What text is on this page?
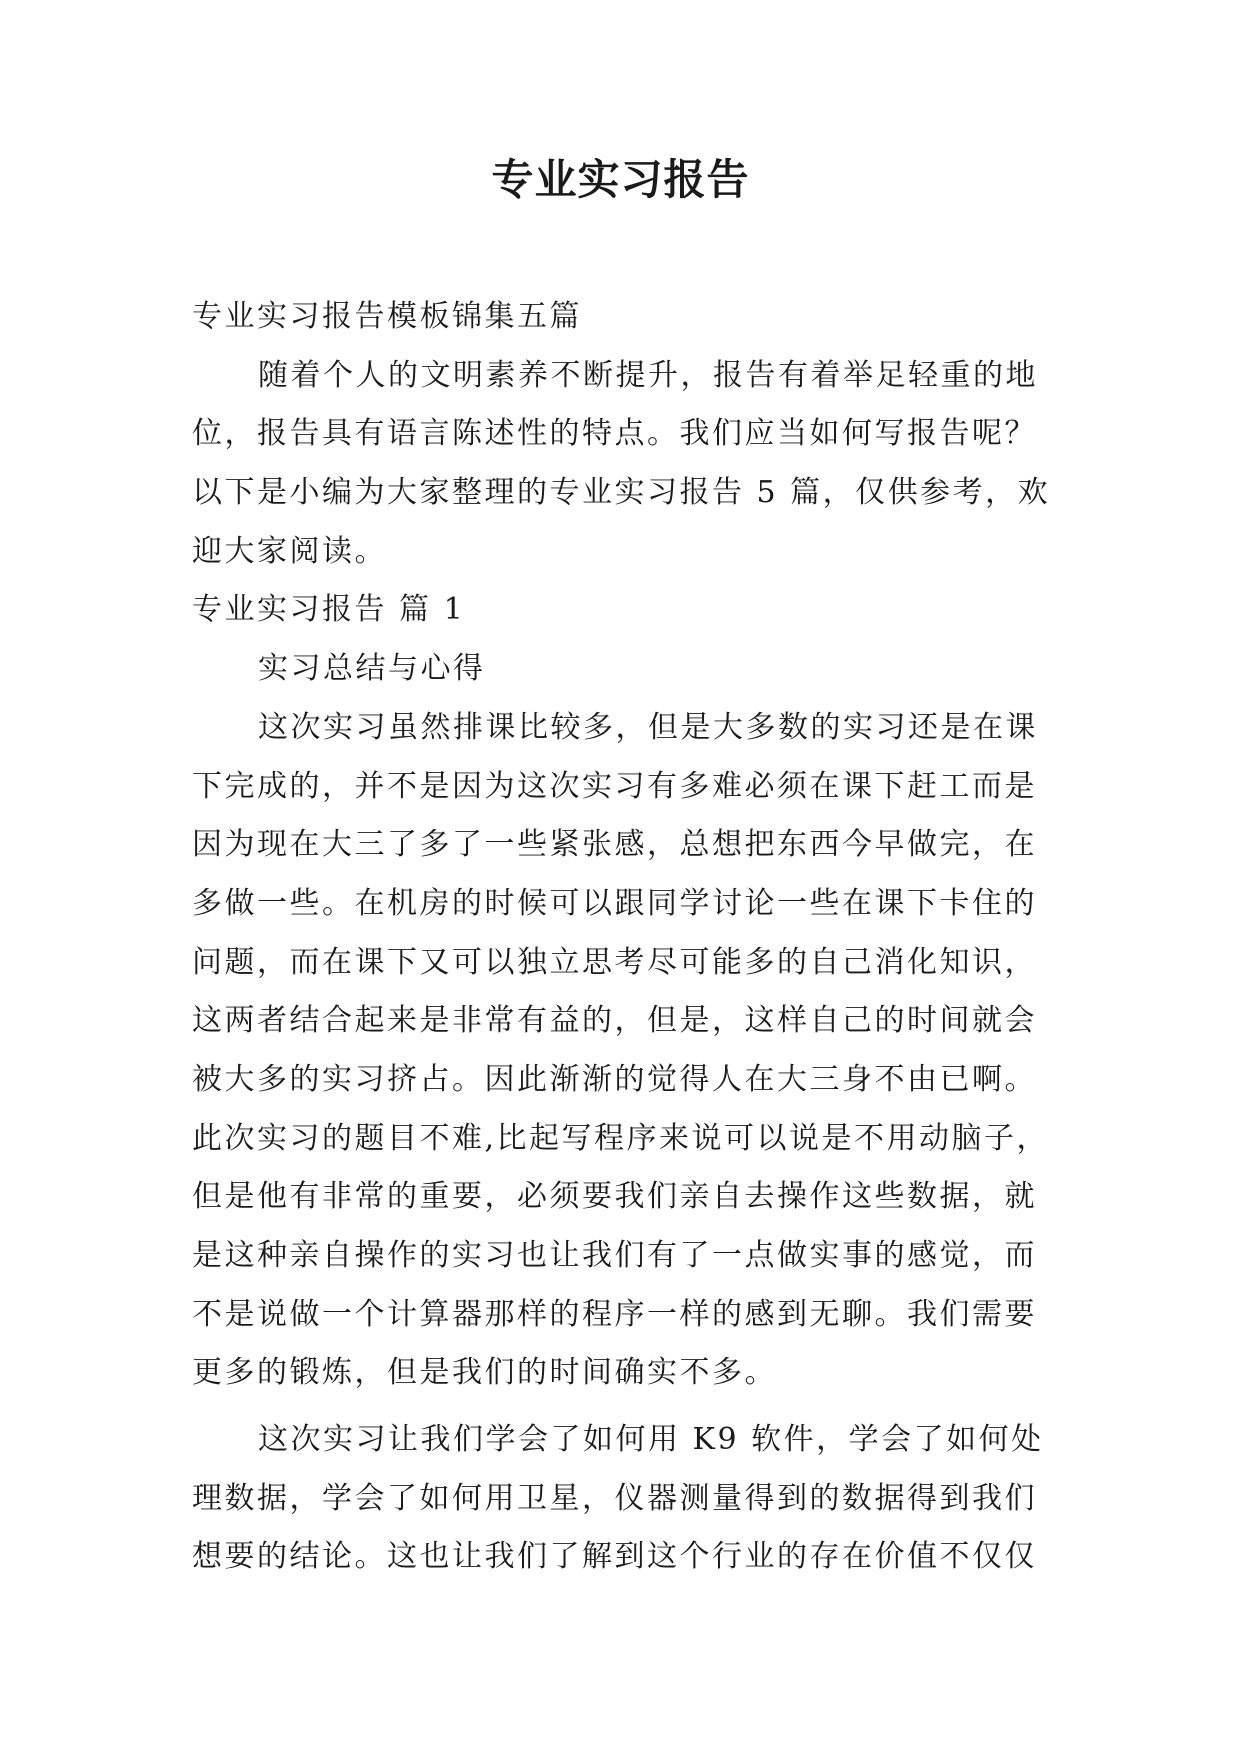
专业实习报告

专业实习报告模板锦集五篇

随着个人的文明素养不断提升，报告有着举足轻重的地

位，报告具有语言陈述性的特点。我们应当如何写报告呢？

以下是小编为大家整理的专业实习报告 5 篇，仅供参考，欢

迎大家阅读。

专业实习报告 篇 1

实习总结与心得

这次实习虽然排课比较多，但是大多数的实习还是在课

下完成的，并不是因为这次实习有多难必须在课下赶工而是

因为现在大三了多了一些紧张感，总想把东西今早做完，在

多做一些。在机房的时候可以跟同学讨论一些在课下卡住的

问题，而在课下又可以独立思考尽可能多的自己消化知识，

这两者结合起来是非常有益的，但是，这样自己的时间就会

被大多的实习挤占。因此渐渐的觉得人在大三身不由已啊。

此次实习的题目不难,比起写程序来说可以说是不用动脑子，

但是他有非常的重要，必须要我们亲自去操作这些数据，就

是这种亲自操作的实习也让我们有了一点做实事的感觉，而

不是说做一个计算器那样的程序一样的感到无聊。我们需要

更多的锻炼，但是我们的时间确实不多。

这次实习让我们学会了如何用 K9 软件，学会了如何处

理数据，学会了如何用卫星，仪器测量得到的数据得到我们

想要的结论。这也让我们了解到这个行业的存在价值不仅仅
